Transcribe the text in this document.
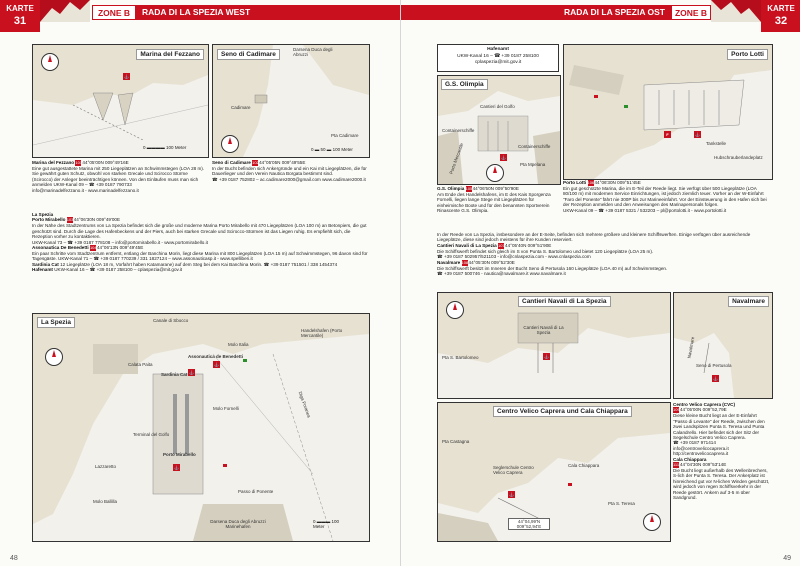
KARTE
31
ZONE B	RADA DI LA SPEZIA WEST
Marina del Fezzano
⚓
0 ▬▬▬▬ 100 Meter
Seno di Cadimare
Darsena Duca degli Abruzzi
Cadimare
Pta Cadimare
0 ▬ 50 ▬ 100 Meter
Marina del Fezzano 10144°05'00N 009°49'16E
Eine gut ausgestattete Marina mit 250 Liegeplätzen an Schwimmstegen (LOA 28 m). Sie gewährt guten Schutz, obwohl von starken Grecale und Scirocco Stürme (Scirocco) der Anleger beeinträchtigen können. Von den Einläufen muss man sich anmelden UKW-Kanal 09 – ☎ +39 0187 790733
info@marinadelfezzano.it - www.marinadelfezzano.it
Seno di Cadimare 10244°05'05N 009°49'55E
In der Bucht befinden sich Ankergründe und ein Kai mit Liegeplätzen, die für Dauerlieger und den Verein Nautica Borgata bestimmt sind.
☎ +39 0187 752802 – ac.cadimare2000@gmail.com www.cadimare2000.it
La Spezia
Porto Mirabello 10344°06'30N 009°49'00E
In der Nähe des Stadtzentrums von La Spezia befindet sich die große und moderne Marina Porto Mirabello mit 470 Liegeplätzen (LOA 100 m) an Betonpiers, die gut geschützt sind. Durch die Lage des Hafenbeckens und der Piers, auch bei starken Grecale und Scirocco-Stürmen ist das Liegen ruhig. Es empfiehlt sich, die Rezeption vorher zu kontaktieren.
UKW-Kanal 73 – ☎ +39 0187 778108 – info@portomirabello.it - www.portomirabello.it
Assonautica De Benedetti 10444°06'13N 009°49'45E
Ein paar Schritte vom Stadtzentrum entfernt, entlang der Banchina Morin, liegt diese Marina mit 800 Liegeplätzen (LOA 15 m) auf Schwimmstegen, 96 davon sind für Tagesgäste. UKW-Kanal 71 – ☎ +39 0187 770239 / 331 1827124 – www.assonauticasp.it - www.spelliberi.it
Sardinia Cat 12 Liegeplätze (LOA 18 m, Vorfahrt haben Katamarane) auf dem Steg bei dem Kai Banchina Morin. ☎ +39 0187 751501 / 338 1454374
Hafenamt UKW-Kanal 16 – ☎ +39 0187 258100 – cplaspezia@mit.gov.it
La Spezia
Molo Italia
Canale di Sbocco
Calata Paita
Sardinia Cat
Assonautica de Benedetti
Porto Mirabello
Handelshafen (Porto Mercantile)
Molo Fornelli
Darsena Duca degli Abruzzi Marinehafen
Diga Foranea
Molo Ballilla
Terminal del Golfo
Lazzaretto
Passo di Ponente
⚓
⚓
⚓
0 ▬▬▬ 100
Meter
48
RADA DI LA SPEZIA OST	ZONE B	KARTE
32
Hafenamt
UKW-Kanal 16 – ☎ +39 0187 258100
cplaspezia@mit.gov.it
G.S. Olimpia
Containerschiffe
Cantieri del Golfo
Pta Mpelana
Containerschiffe
Porto Mercantile	⚓
Porto Lotti
Hubschrauberlandeplatz
Tankstelle
⚓
F
G.S. Olimpia 10544°06'50N 009°50'90E
Am Ende des Handelshafens, im E des Kais Sporgenza Fornelli, liegen lange Stege mit Liegeplätzen für einheimische Boote und für den benannten Sportverein Rinascente G.S. Olimpia.
Porto Lotti 10644°06'30N 009°51'45E
Ein gut geschützte Marina, die im E-Teil der Reede liegt. Sie verfügt über 500 Liegeplätze (LOA 80/100 m) mit modernen Service Einrichtungen, ist jedoch ziemlich teuer. Vorher an der W-Einfahrt "Faro del Ponente" fährt nie 300P bis zur Marineeinfahrt. Vor der Einsteuerung in den Hafen sich bei der Rezeption anmelden und den Anweisungen des Marinapersonals folgen.
UKW-Kanal 09 – ☎ +39 0187 5321 / 532203 – pl@portolotti.it - www.portolotti.it
In der Reede von La Spezia, insbesondere an der E-Seite, befinden sich mehrere größere und kleinere Schiffswerften. Einige verfügen über ausreichende Liegeplätze, diese sind jedoch meistens für ihre Kunden reserviert.
Cantieri Navali di La Spezia 10744°05'40N 009°51'90E
Die Schiffswerft befindet sich gleich im S von Punta S. Bartolomeo und bietet 120 Liegeplätze (LOA 25 m).
☎ +39 0187 502957/521103 - info@cnlaspezia.com - www.cnlaspezia.com
Navalmare 10844°05'30N 009°52'30E
Die Schiffswerft besitzt im Inneren der Bucht Seno di Pertusola 160 Liegeplätze (LOA 40 m) auf Schwimmstegen.
☎ +39 0187 500746 - nautica@navalmare.it www.navalmare.it
Cantieri Navali di La Spezia
Cantieri Navali di La Spezia
Pta S. Bartolomeo	⚓
Navalmare
Seno di Pertusola
Navalmare
⚓
Centro Velico Caprera und Cala Chiappara
Pta Castagna
Cala Chiappara
Seglerschule Centro Velico Caprera
Pta S. Teresa
44°04,99'N 009°52,94'E
⚓
Centro Velico Caprera (CVC)
10944°05'00N 009°52,79E
Diese kleine Bucht liegt an der E-Einfahrt "Passo di Levante" der Reede, zwischen den zwei Landspitzen Punta S. Teresa und Punta Calandrello. Hier befindet sich der Sitz der Segelschule Centro Velico Caprera.
☎ +39 0187 971414 info@centrovelicocaprera.it http://centrovelicocaprera.it
Cala Chiappara
11144°04'30N 009°53'14E
Die Bucht liegt außerhalb des Wellenbrechers, S-lich der Punta S. Teresa. Der Ankerplatz ist hinreichend gut vor N-lichen Winden geschützt, wird jedoch von regen Schiffsverkehr in der Reede gestört. Ankern auf 3-5 m über Sandgrund.
49
